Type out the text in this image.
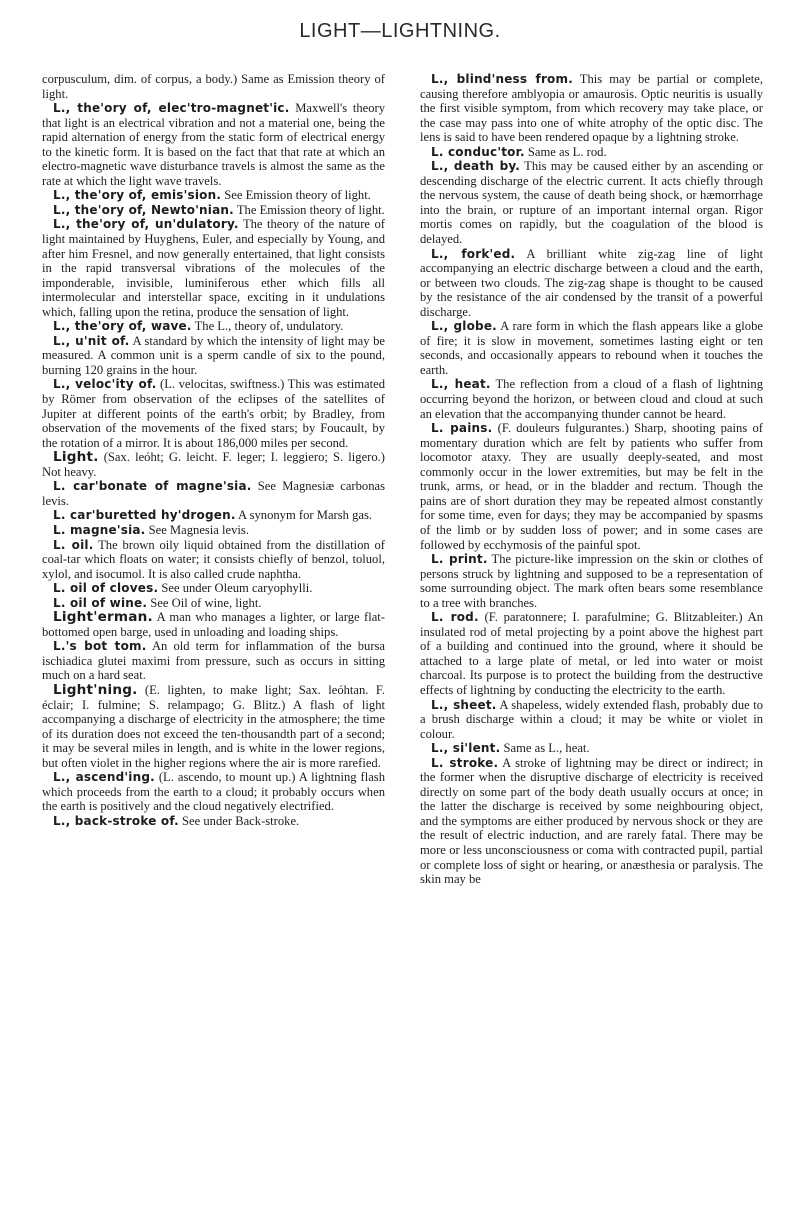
LIGHT—LIGHTNING.

corpusculum, dim. of corpus, a body.) Same as Emission theory of light.

L., the'ory of, elec'tro-magnet'ic. Maxwell's theory that light is an electrical vibration and not a material one, being the rapid alternation of energy from the static form of electrical energy to the kinetic form. It is based on the fact that that rate at which an electro-magnetic wave disturbance travels is almost the same as the rate at which the light wave travels.

L., the'ory of, emis'sion. See Emission theory of light.

L., the'ory of, Newto'nian. The Emission theory of light.

L., the'ory of, un'dulatory. The theory of the nature of light maintained by Huyghens, Euler, and especially by Young, and after him Fresnel, and now generally entertained, that light consists in the rapid transversal vibrations of the molecules of the imponderable, invisible, luminiferous ether which fills all intermolecular and interstellar space, exciting in it undulations which, falling upon the retina, produce the sensation of light.

L., the'ory of, wave. The L., theory of, undulatory.

L., u'nit of. A standard by which the intensity of light may be measured. A common unit is a sperm candle of six to the pound, burning 120 grains in the hour.

L., veloc'ity of. (L. velocitas, swiftness.) This was estimated by Römer from observation of the eclipses of the satellites of Jupiter at different points of the earth's orbit; by Bradley, from observation of the movements of the fixed stars; by Foucault, by the rotation of a mirror. It is about 186,000 miles per second.

Light. (Sax. leóht; G. leicht. F. leger; I. leggiero; S. ligero.) Not heavy.

L. car'bonate of magne'sia. See Magnesiæ carbonas levis.

L. car'buretted hy'drogen. A synonym for Marsh gas.

L. magne'sia. See Magnesia levis.

L. oil. The brown oily liquid obtained from the distillation of coal-tar which floats on water; it consists chiefly of benzol, toluol, xylol, and isocumol. It is also called crude naphtha.

L. oil of cloves. See under Oleum caryophylli.

L. oil of wine. See Oil of wine, light.

Light'erman. A man who manages a lighter, or large flat-bottomed open barge, used in unloading and loading ships.

L.'s bot tom. An old term for inflammation of the bursa ischiadica glutei maximi from pressure, such as occurs in sitting much on a hard seat.

Light'ning. (E. lighten, to make light; Sax. leóhtan. F. éclair; I. fulmine; S. relampago; G. Blitz.) A flash of light accompanying a discharge of electricity in the atmosphere; the time of its duration does not exceed the ten-thousandth part of a second; it may be several miles in length, and is white in the lower regions, but often violet in the higher regions where the air is more rarefied.

L., ascend'ing. (L. ascendo, to mount up.) A lightning flash which proceeds from the earth to a cloud; it probably occurs when the earth is positively and the cloud negatively electrified.

L., back-stroke of. See under Back-stroke.

L., blind'ness from. This may be partial or complete, causing therefore amblyopia or amaurosis. Optic neuritis is usually the first visible symptom, from which recovery may take place, or the case may pass into one of white atrophy of the optic disc. The lens is said to have been rendered opaque by a lightning stroke.

L. conduc'tor. Same as L. rod.

L., death by. This may be caused either by an ascending or descending discharge of the electric current. It acts chiefly through the nervous system, the cause of death being shock, or hæmorrhage into the brain, or rupture of an important internal organ. Rigor mortis comes on rapidly, but the coagulation of the blood is delayed.

L., fork'ed. A brilliant white zig-zag line of light accompanying an electric discharge between a cloud and the earth, or between two clouds. The zig-zag shape is thought to be caused by the resistance of the air condensed by the transit of a powerful discharge.

L., globe. A rare form in which the flash appears like a globe of fire; it is slow in movement, sometimes lasting eight or ten seconds, and occasionally appears to rebound when it touches the earth.

L., heat. The reflection from a cloud of a flash of lightning occurring beyond the horizon, or between cloud and cloud at such an elevation that the accompanying thunder cannot be heard.

L. pains. (F. douleurs fulgurantes.) Sharp, shooting pains of momentary duration which are felt by patients who suffer from locomotor ataxy. They are usually deeply-seated, and most commonly occur in the lower extremities, but may be felt in the trunk, arms, or head, or in the bladder and rectum. Though the pains are of short duration they may be repeated almost constantly for some time, even for days; they may be accompanied by spasms of the limb or by sudden loss of power; and in some cases are followed by ecchymosis of the painful spot.

L. print. The picture-like impression on the skin or clothes of persons struck by lightning and supposed to be a representation of some surrounding object. The mark often bears some resemblance to a tree with branches.

L. rod. (F. paratonnere; I. parafulmine; G. Blitzableiter.) An insulated rod of metal projecting by a point above the highest part of a building and continued into the ground, where it should be attached to a large plate of metal, or led into water or moist charcoal. Its purpose is to protect the building from the destructive effects of lightning by conducting the electricity to the earth.

L., sheet. A shapeless, widely extended flash, probably due to a brush discharge within a cloud; it may be white or violet in colour.

L., si'lent. Same as L., heat.

L. stroke. A stroke of lightning may be direct or indirect; in the former when the disruptive discharge of electricity is received directly on some part of the body death usually occurs at once; in the latter the discharge is received by some neighbouring object, and the symptoms are either produced by nervous shock or they are the result of electric induction, and are rarely fatal. There may be more or less unconsciousness or coma with contracted pupil, partial or complete loss of sight or hearing, or anæsthesia or paralysis. The skin may be
